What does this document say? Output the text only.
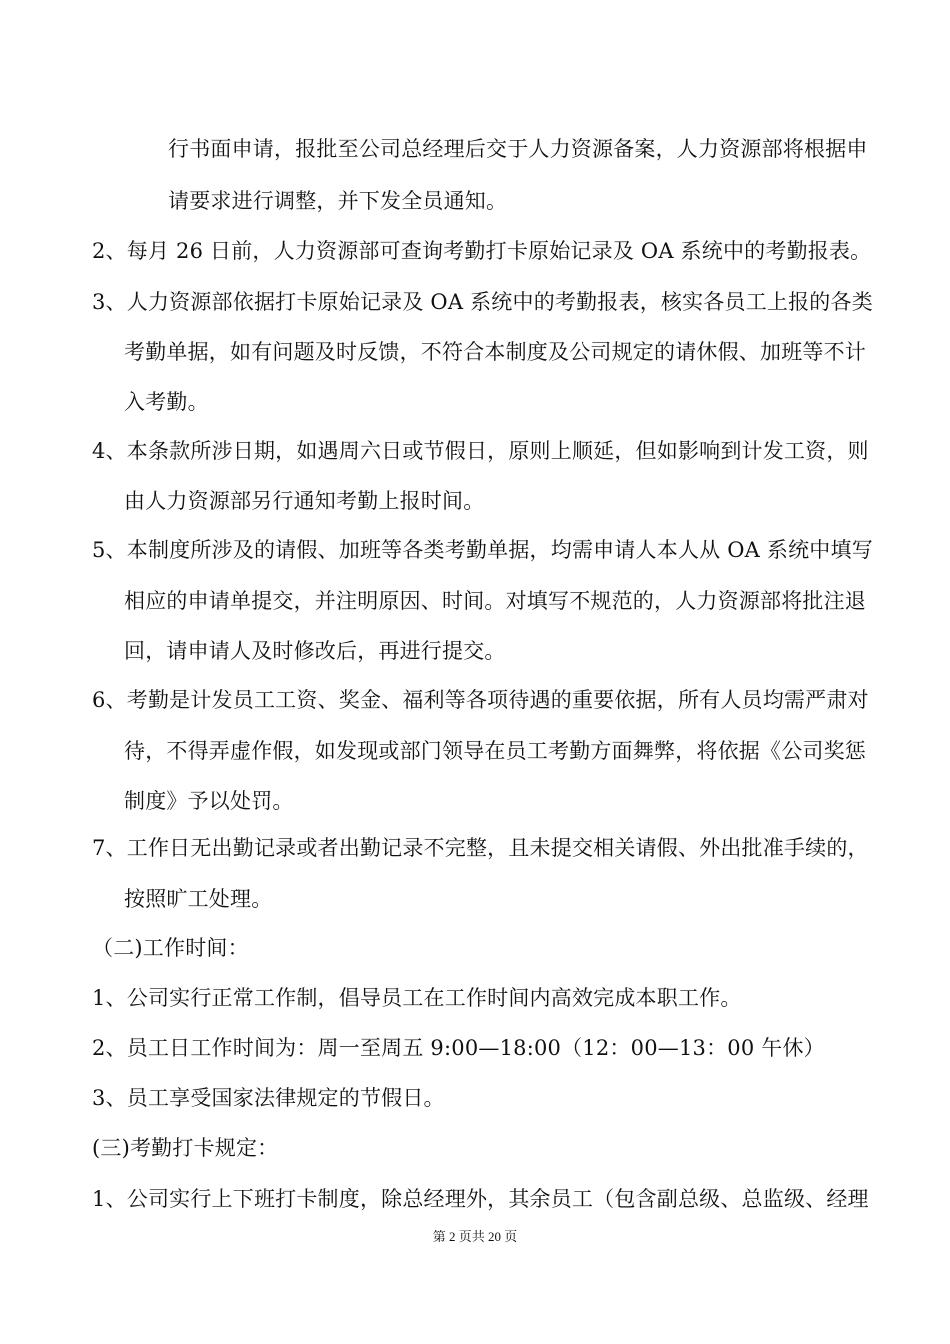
行书面申请，报批至公司总经理后交于人力资源备案，人力资源部将根据申
请要求进行调整，并下发全员通知。
2、每月 26 日前，人力资源部可查询考勤打卡原始记录及 OA 系统中的考勤报表。
3、人力资源部依据打卡原始记录及 OA 系统中的考勤报表，核实各员工上报的各类
考勤单据，如有问题及时反馈，不符合本制度及公司规定的请休假、加班等不计
入考勤。
4、本条款所涉日期，如遇周六日或节假日，原则上顺延，但如影响到计发工资，则
由人力资源部另行通知考勤上报时间。
5、本制度所涉及的请假、加班等各类考勤单据，均需申请人本人从 OA 系统中填写
相应的申请单提交，并注明原因、时间。对填写不规范的，人力资源部将批注退
回，请申请人及时修改后，再进行提交。
6、考勤是计发员工工资、奖金、福利等各项待遇的重要依据，所有人员均需严肃对
待，不得弄虚作假，如发现或部门领导在员工考勤方面舞弊，将依据《公司奖惩
制度》予以处罚。
7、工作日无出勤记录或者出勤记录不完整，且未提交相关请假、外出批准手续的，
按照旷工处理。
（二)工作时间：
1、公司实行正常工作制，倡导员工在工作时间内高效完成本职工作。
2、员工日工作时间为：周一至周五 9:00—18:00（12：00—13：00 午休）
3、员工享受国家法律规定的节假日。
(三)考勤打卡规定：
1、公司实行上下班打卡制度，除总经理外，其余员工（包含副总级、总监级、经理
第 2 页共 20 页
